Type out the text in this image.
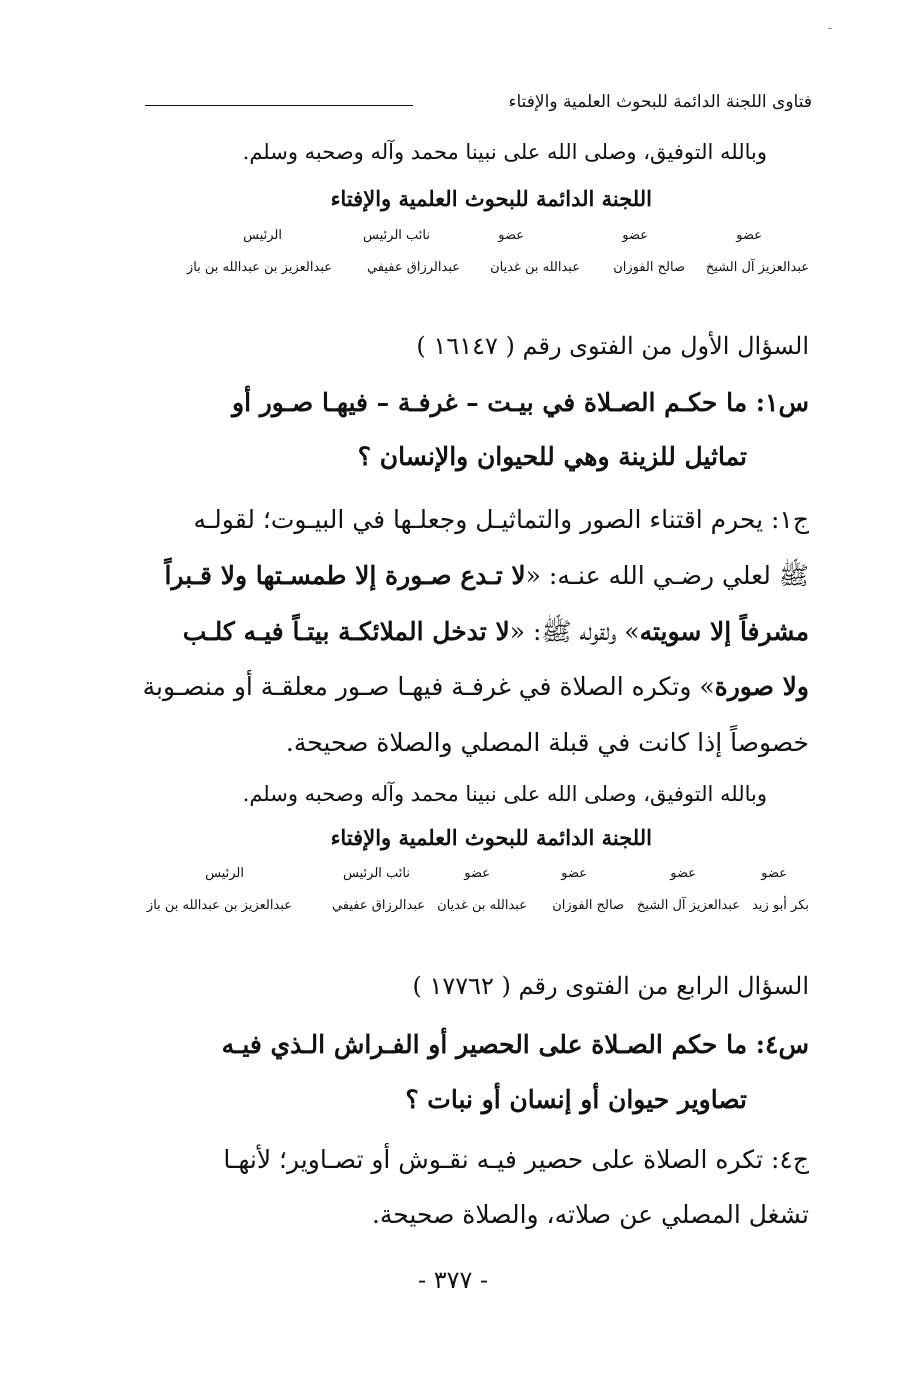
ـ
فتاوى اللجنة الدائمة للبحوث العلمية والإفتاء
وبالله التوفيق، وصلى الله على نبينا محمد وآله وصحبه وسلم.
اللجنة الدائمة للبحوث العلمية والإفتاء
عضو
عضو
عضو
نائب الرئيس
الرئيس
عبدالعزيز آل الشيخ
صالح الفوزان
عبدالله بن غديان
عبدالرزاق عفيفي
عبدالعزيز بن عبدالله بن باز
السؤال الأول من الفتوى رقم ( ١٦١٤٧ )
س١: ما حكـم الصـلاة في بيـت – غرفـة – فيهـا صـور أو
تماثيل للزينة وهي للحيوان والإنسان ؟
ج١: يحرم اقتناء الصور والتماثيـل وجعلـها في البيـوت؛ لقولـه
ﷺ لعلي رضـي الله عنـه: «لا تـدع صـورة إلا طمسـتها ولا قـبراً
مشرفاً إلا سويته» ولقوله ﷺ: «لا تدخل الملائكـة بيتـاً فيـه كلـب
ولا صورة» وتكره الصلاة في غرفـة فيهـا صـور معلقـة أو منصـوبة
خصوصاً إذا كانت في قبلة المصلي والصلاة صحيحة.
وبالله التوفيق، وصلى الله على نبينا محمد وآله وصحبه وسلم.
اللجنة الدائمة للبحوث العلمية والإفتاء
عضو
عضو
عضو
عضو
نائب الرئيس
الرئيس
بكر أبو زيد
عبدالعزيز آل الشيخ
صالح الفوزان
عبدالله بن غديان
عبدالرزاق عفيفي
عبدالعزيز بن عبدالله بن باز
السؤال الرابع من الفتوى رقم ( ١٧٧٦٢ )
س٤: ما حكم الصـلاة على الحصير أو الفـراش الـذي فيـه
تصاوير حيوان أو إنسان أو نبات ؟
ج٤: تكره الصلاة على حصير فيـه نقـوش أو تصـاوير؛ لأنهـا
تشغل المصلي عن صلاته، والصلاة صحيحة.
- ٣٧٧ -
